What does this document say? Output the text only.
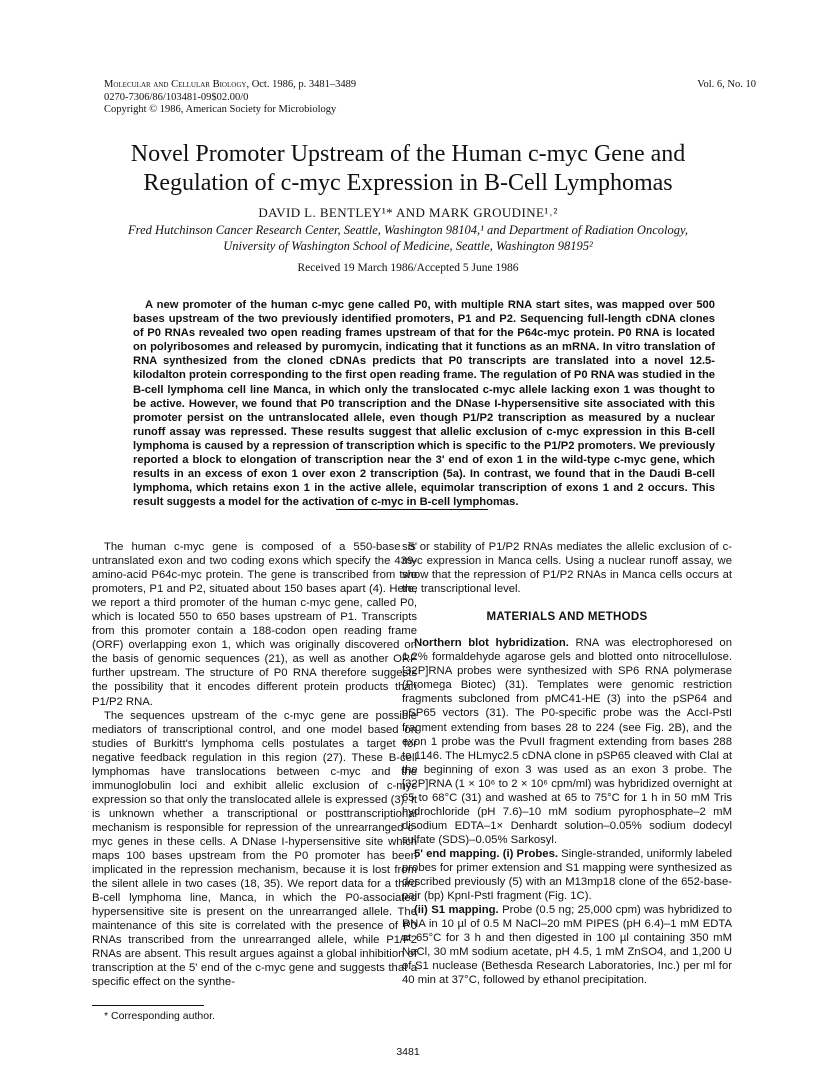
Molecular and Cellular Biology, Oct. 1986, p. 3481–3489
0270-7306/86/103481-09$02.00/0
Copyright © 1986, American Society for Microbiology
Vol. 6, No. 10
Novel Promoter Upstream of the Human c-myc Gene and
Regulation of c-myc Expression in B-Cell Lymphomas
DAVID L. BENTLEY¹* AND MARK GROUDINE¹˒²
Fred Hutchinson Cancer Research Center, Seattle, Washington 98104,¹ and Department of Radiation Oncology,
University of Washington School of Medicine, Seattle, Washington 98195²
Received 19 March 1986/Accepted 5 June 1986

A new promoter of the human c-myc gene called P0, with multiple RNA start sites, was mapped over 500 bases upstream of the two previously identified promoters, P1 and P2. Sequencing full-length cDNA clones of P0 RNAs revealed two open reading frames upstream of that for the P64c-myc protein. P0 RNA is located on polyribosomes and released by puromycin, indicating that it functions as an mRNA. In vitro translation of RNA synthesized from the cloned cDNAs predicts that P0 transcripts are translated into a novel 12.5-kilodalton protein corresponding to the first open reading frame. The regulation of P0 RNA was studied in the B-cell lymphoma cell line Manca, in which only the translocated c-myc allele lacking exon 1 was thought to be active. However, we found that P0 transcription and the DNase I-hypersensitive site associated with this promoter persist on the untranslocated allele, even though P1/P2 transcription as measured by a nuclear runoff assay was repressed. These results suggest that allelic exclusion of c-myc expression in this B-cell lymphoma is caused by a repression of transcription which is specific to the P1/P2 promoters. We previously reported a block to elongation of transcription near the 3' end of exon 1 in the wild-type c-myc gene, which results in an excess of exon 1 over exon 2 transcription (5a). In contrast, we found that in the Daudi B-cell lymphoma, which retains exon 1 in the active allele, equimolar transcription of exons 1 and 2 occurs. This result suggests a model for the activation of c-myc in B-cell lymphomas.

The human c-myc gene is composed of a 550-base 5' untranslated exon and two coding exons which specify the 439-amino-acid P64c-myc protein. The gene is transcribed from two promoters, P1 and P2, situated about 150 bases apart (4). Here, we report a third promoter of the human c-myc gene, called P0, which is located 550 to 650 bases upstream of P1. Transcripts from this promoter contain a 188-codon open reading frame (ORF) overlapping exon 1, which was originally discovered on the basis of genomic sequences (21), as well as another ORF further upstream. The structure of P0 RNA therefore suggests the possibility that it encodes different protein products than P1/P2 RNA.

The sequences upstream of the c-myc gene are possible mediators of transcriptional control, and one model based on studies of Burkitt's lymphoma cells postulates a target for negative feedback regulation in this region (27). These B-cell lymphomas have translocations between c-myc and the immunoglobulin loci and exhibit allelic exclusion of c-myc expression so that only the translocated allele is expressed (3). It is unknown whether a transcriptional or posttranscriptional mechanism is responsible for repression of the unrearranged c-myc genes in these cells. A DNase I-hypersensitive site which maps 100 bases upstream from the P0 promoter has been implicated in the repression mechanism, because it is lost from the silent allele in two cases (18, 35). We report data for a third B-cell lymphoma line, Manca, in which the P0-associated hypersensitive site is present on the unrearranged allele. The maintenance of this site is correlated with the presence of P0 RNAs transcribed from the unrearranged allele, while P1/P2 RNAs are absent. This result argues against a global inhibition of transcription at the 5' end of the c-myc gene and suggests that a specific effect on the synthe-

sis or stability of P1/P2 RNAs mediates the allelic exclusion of c-myc expression in Manca cells. Using a nuclear runoff assay, we show that the repression of P1/P2 RNAs in Manca cells occurs at the transcriptional level.

MATERIALS AND METHODS

Northern blot hybridization. RNA was electrophoresed on 1.2% formaldehyde agarose gels and blotted onto nitrocellulose. [32P]RNA probes were synthesized with SP6 RNA polymerase (Promega Biotec) (31). Templates were genomic restriction fragments subcloned from pMC41-HE (3) into the pSP64 and pSP65 vectors (31). The P0-specific probe was the AccI-PstI fragment extending from bases 28 to 224 (see Fig. 2B), and the exon 1 probe was the PvuII fragment extending from bases 288 to 1146. The HLmyc2.5 cDNA clone in pSP65 cleaved with ClaI at the beginning of exon 3 was used as an exon 3 probe. The [32P]RNA (1 × 10⁶ to 2 × 10⁶ cpm/ml) was hybridized overnight at 65 to 68°C (31) and washed at 65 to 75°C for 1 h in 50 mM Tris hydrochloride (pH 7.6)–10 mM sodium pyrophosphate–2 mM disodium EDTA–1× Denhardt solution–0.05% sodium dodecyl sulfate (SDS)–0.05% Sarkosyl.

5' end mapping. (i) Probes. Single-stranded, uniformly labeled probes for primer extension and S1 mapping were synthesized as described previously (5) with an M13mp18 clone of the 652-base-pair (bp) KpnI-PstI fragment (Fig. 1C).

(ii) S1 mapping. Probe (0.5 ng; 25,000 cpm) was hybridized to RNA in 10 µl of 0.5 M NaCl–20 mM PIPES (pH 6.4)–1 mM EDTA at 65°C for 3 h and then digested in 100 µl containing 350 mM NaCl, 30 mM sodium acetate, pH 4.5, 1 mM ZnSO4, and 1,200 U of S1 nuclease (Bethesda Research Laboratories, Inc.) per ml for 40 min at 37°C, followed by ethanol precipitation.

* Corresponding author.
3481
